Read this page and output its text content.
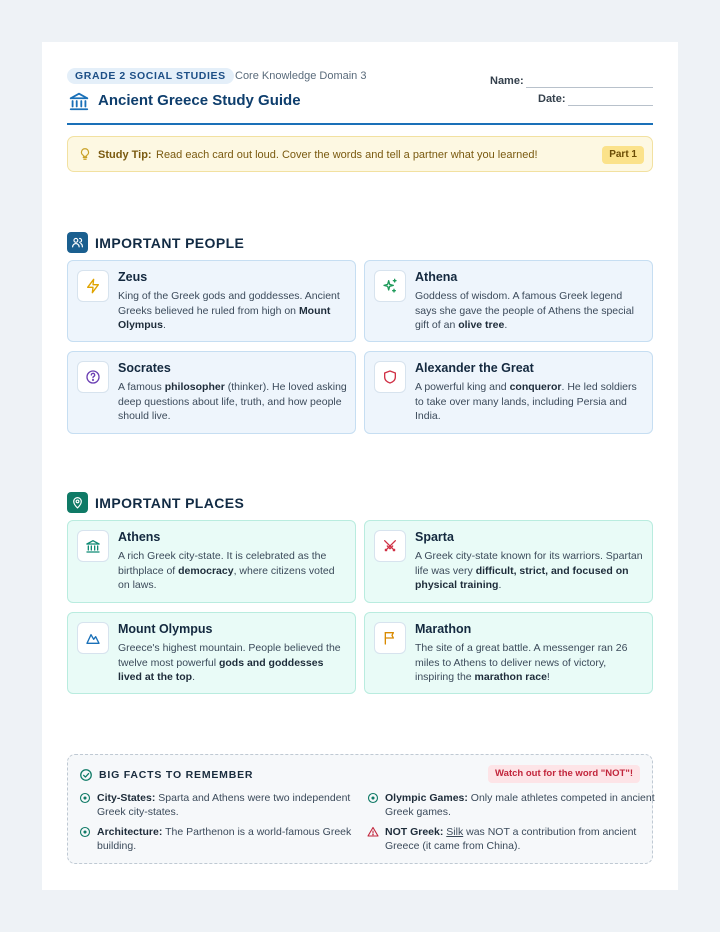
GRADE 2 SOCIAL STUDIES Core Knowledge Domain 3
Ancient Greece Study Guide
Name:
Date:
Study Tip: Read each card out loud. Cover the words and tell a partner what you learned!	Part 1
IMPORTANT PEOPLE
Zeus
King of the Greek gods and goddesses. Ancient Greeks believed he ruled from high on Mount Olympus.
Athena
Goddess of wisdom. A famous Greek legend says she gave the people of Athens the special gift of an olive tree.
Socrates
A famous philosopher (thinker). He loved asking deep questions about life, truth, and how people should live.
Alexander the Great
A powerful king and conqueror. He led soldiers to take over many lands, including Persia and India.
IMPORTANT PLACES
Athens
A rich Greek city-state. It is celebrated as the birthplace of democracy, where citizens voted on laws.
Sparta
A Greek city-state known for its warriors. Spartan life was very difficult, strict, and focused on physical training.
Mount Olympus
Greece's highest mountain. People believed the twelve most powerful gods and goddesses lived at the top.
Marathon
The site of a great battle. A messenger ran 26 miles to Athens to deliver news of victory, inspiring the marathon race!
BIG FACTS TO REMEMBER	Watch out for the word "NOT"!
City-States: Sparta and Athens were two independent Greek city-states.
Olympic Games: Only male athletes competed in ancient Greek games.
Architecture: The Parthenon is a world-famous Greek building.
NOT Greek: Silk was NOT a contribution from ancient Greece (it came from China).
